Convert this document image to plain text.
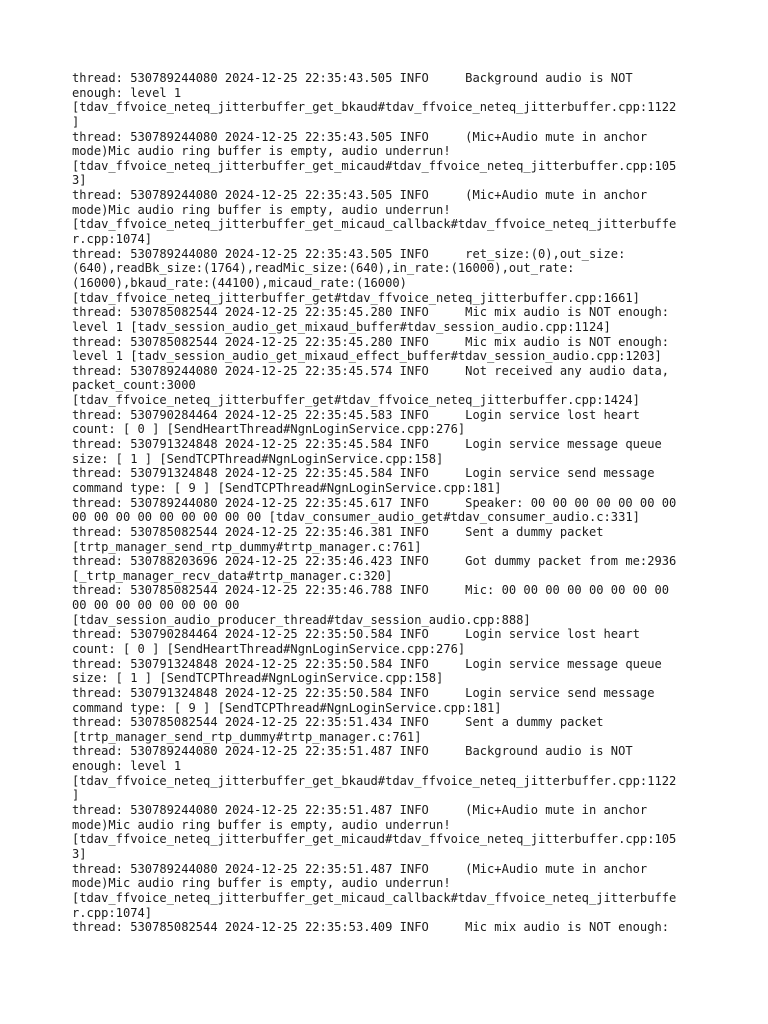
thread: 530789244080 2024-12-25 22:35:43.505 INFO     Background audio is NOT
enough: level 1
[tdav_ffvoice_neteq_jitterbuffer_get_bkaud#tdav_ffvoice_neteq_jitterbuffer.cpp:1122
]
thread: 530789244080 2024-12-25 22:35:43.505 INFO     (Mic+Audio mute in anchor
mode)Mic audio ring buffer is empty, audio underrun!
[tdav_ffvoice_neteq_jitterbuffer_get_micaud#tdav_ffvoice_neteq_jitterbuffer.cpp:105
3]
thread: 530789244080 2024-12-25 22:35:43.505 INFO     (Mic+Audio mute in anchor
mode)Mic audio ring buffer is empty, audio underrun!
[tdav_ffvoice_neteq_jitterbuffer_get_micaud_callback#tdav_ffvoice_neteq_jitterbuffe
r.cpp:1074]
thread: 530789244080 2024-12-25 22:35:43.505 INFO     ret_size:(0),out_size:
(640),readBk_size:(1764),readMic_size:(640),in_rate:(16000),out_rate:
(16000),bkaud_rate:(44100),micaud_rate:(16000)
[tdav_ffvoice_neteq_jitterbuffer_get#tdav_ffvoice_neteq_jitterbuffer.cpp:1661]
thread: 530785082544 2024-12-25 22:35:45.280 INFO     Mic mix audio is NOT enough:
level 1 [tadv_session_audio_get_mixaud_buffer#tdav_session_audio.cpp:1124]
thread: 530785082544 2024-12-25 22:35:45.280 INFO     Mic mix audio is NOT enough:
level 1 [tadv_session_audio_get_mixaud_effect_buffer#tdav_session_audio.cpp:1203]
thread: 530789244080 2024-12-25 22:35:45.574 INFO     Not received any audio data,
packet_count:3000
[tdav_ffvoice_neteq_jitterbuffer_get#tdav_ffvoice_neteq_jitterbuffer.cpp:1424]
thread: 530790284464 2024-12-25 22:35:45.583 INFO     Login service lost heart
count: [ 0 ] [SendHeartThread#NgnLoginService.cpp:276]
thread: 530791324848 2024-12-25 22:35:45.584 INFO     Login service message queue
size: [ 1 ] [SendTCPThread#NgnLoginService.cpp:158]
thread: 530791324848 2024-12-25 22:35:45.584 INFO     Login service send message
command type: [ 9 ] [SendTCPThread#NgnLoginService.cpp:181]
thread: 530789244080 2024-12-25 22:35:45.617 INFO     Speaker: 00 00 00 00 00 00 00
00 00 00 00 00 00 00 00 00 [tdav_consumer_audio_get#tdav_consumer_audio.c:331]
thread: 530785082544 2024-12-25 22:35:46.381 INFO     Sent a dummy packet
[trtp_manager_send_rtp_dummy#trtp_manager.c:761]
thread: 530788203696 2024-12-25 22:35:46.423 INFO     Got dummy packet from me:2936
[_trtp_manager_recv_data#trtp_manager.c:320]
thread: 530785082544 2024-12-25 22:35:46.788 INFO     Mic: 00 00 00 00 00 00 00 00
00 00 00 00 00 00 00 00
[tdav_session_audio_producer_thread#tdav_session_audio.cpp:888]
thread: 530790284464 2024-12-25 22:35:50.584 INFO     Login service lost heart
count: [ 0 ] [SendHeartThread#NgnLoginService.cpp:276]
thread: 530791324848 2024-12-25 22:35:50.584 INFO     Login service message queue
size: [ 1 ] [SendTCPThread#NgnLoginService.cpp:158]
thread: 530791324848 2024-12-25 22:35:50.584 INFO     Login service send message
command type: [ 9 ] [SendTCPThread#NgnLoginService.cpp:181]
thread: 530785082544 2024-12-25 22:35:51.434 INFO     Sent a dummy packet
[trtp_manager_send_rtp_dummy#trtp_manager.c:761]
thread: 530789244080 2024-12-25 22:35:51.487 INFO     Background audio is NOT
enough: level 1
[tdav_ffvoice_neteq_jitterbuffer_get_bkaud#tdav_ffvoice_neteq_jitterbuffer.cpp:1122
]
thread: 530789244080 2024-12-25 22:35:51.487 INFO     (Mic+Audio mute in anchor
mode)Mic audio ring buffer is empty, audio underrun!
[tdav_ffvoice_neteq_jitterbuffer_get_micaud#tdav_ffvoice_neteq_jitterbuffer.cpp:105
3]
thread: 530789244080 2024-12-25 22:35:51.487 INFO     (Mic+Audio mute in anchor
mode)Mic audio ring buffer is empty, audio underrun!
[tdav_ffvoice_neteq_jitterbuffer_get_micaud_callback#tdav_ffvoice_neteq_jitterbuffe
r.cpp:1074]
thread: 530785082544 2024-12-25 22:35:53.409 INFO     Mic mix audio is NOT enough:
